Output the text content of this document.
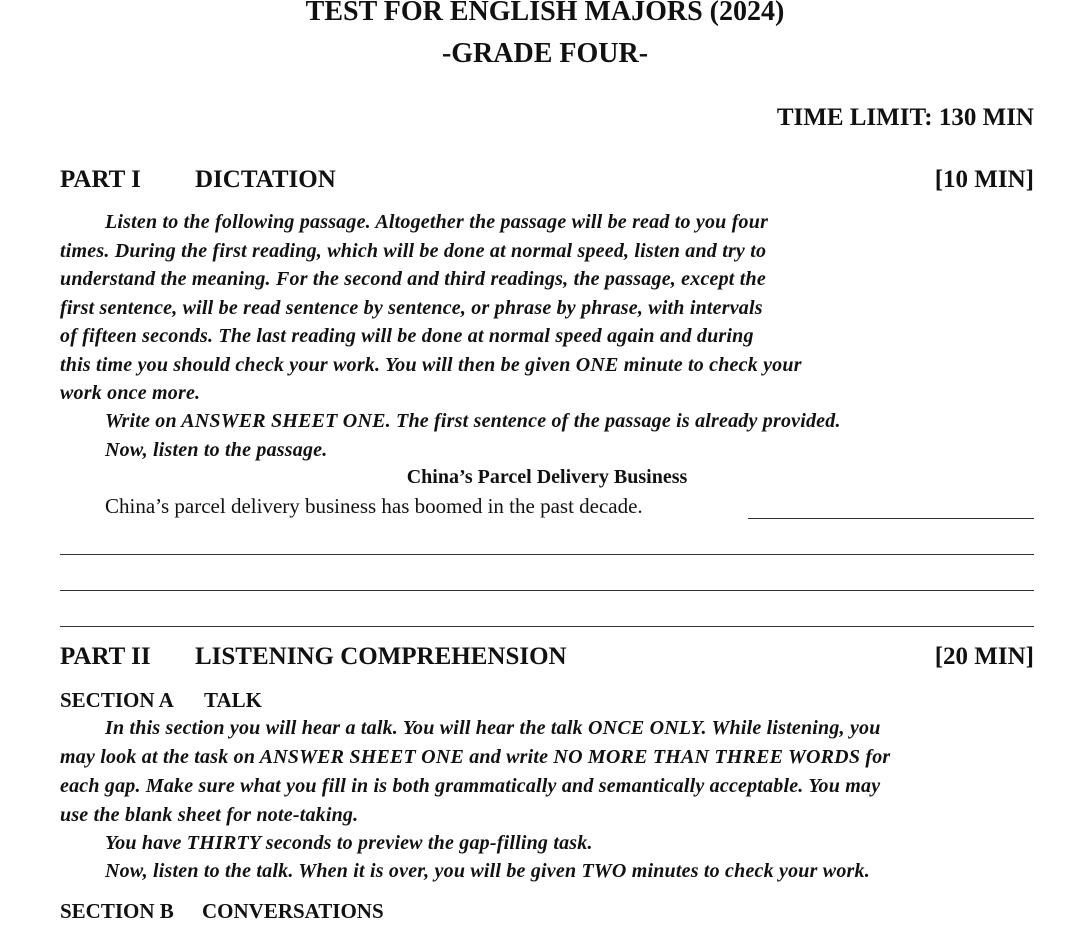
TEST FOR ENGLISH MAJORS (2024)
-GRADE FOUR-
TIME LIMIT: 130 MIN
PART I DICTATION	[10 MIN]
Listen to the following passage. Altogether the passage will be read to you four
times. During the first reading, which will be done at normal speed, listen and try to
understand the meaning. For the second and third readings, the passage, except the
first sentence, will be read sentence by sentence, or phrase by phrase, with intervals
of fifteen seconds. The last reading will be done at normal speed again and during
this time you should check your work. You will then be given ONE minute to check your
work once more.
Write on ANSWER SHEET ONE. The first sentence of the passage is already provided.
Now, listen to the passage.
China’s Parcel Delivery Business
China’s parcel delivery business has boomed in the past decade.
PART II LISTENING COMPREHENSION	[20 MIN]
SECTION A TALK
In this section you will hear a talk. You will hear the talk ONCE ONLY. While listening, you
may look at the task on ANSWER SHEET ONE and write NO MORE THAN THREE WORDS for
each gap. Make sure what you fill in is both grammatically and semantically acceptable. You may
use the blank sheet for note-taking.
You have THIRTY seconds to preview the gap-filling task.
Now, listen to the talk. When it is over, you will be given TWO minutes to check your work.
SECTION B CONVERSATIONS
